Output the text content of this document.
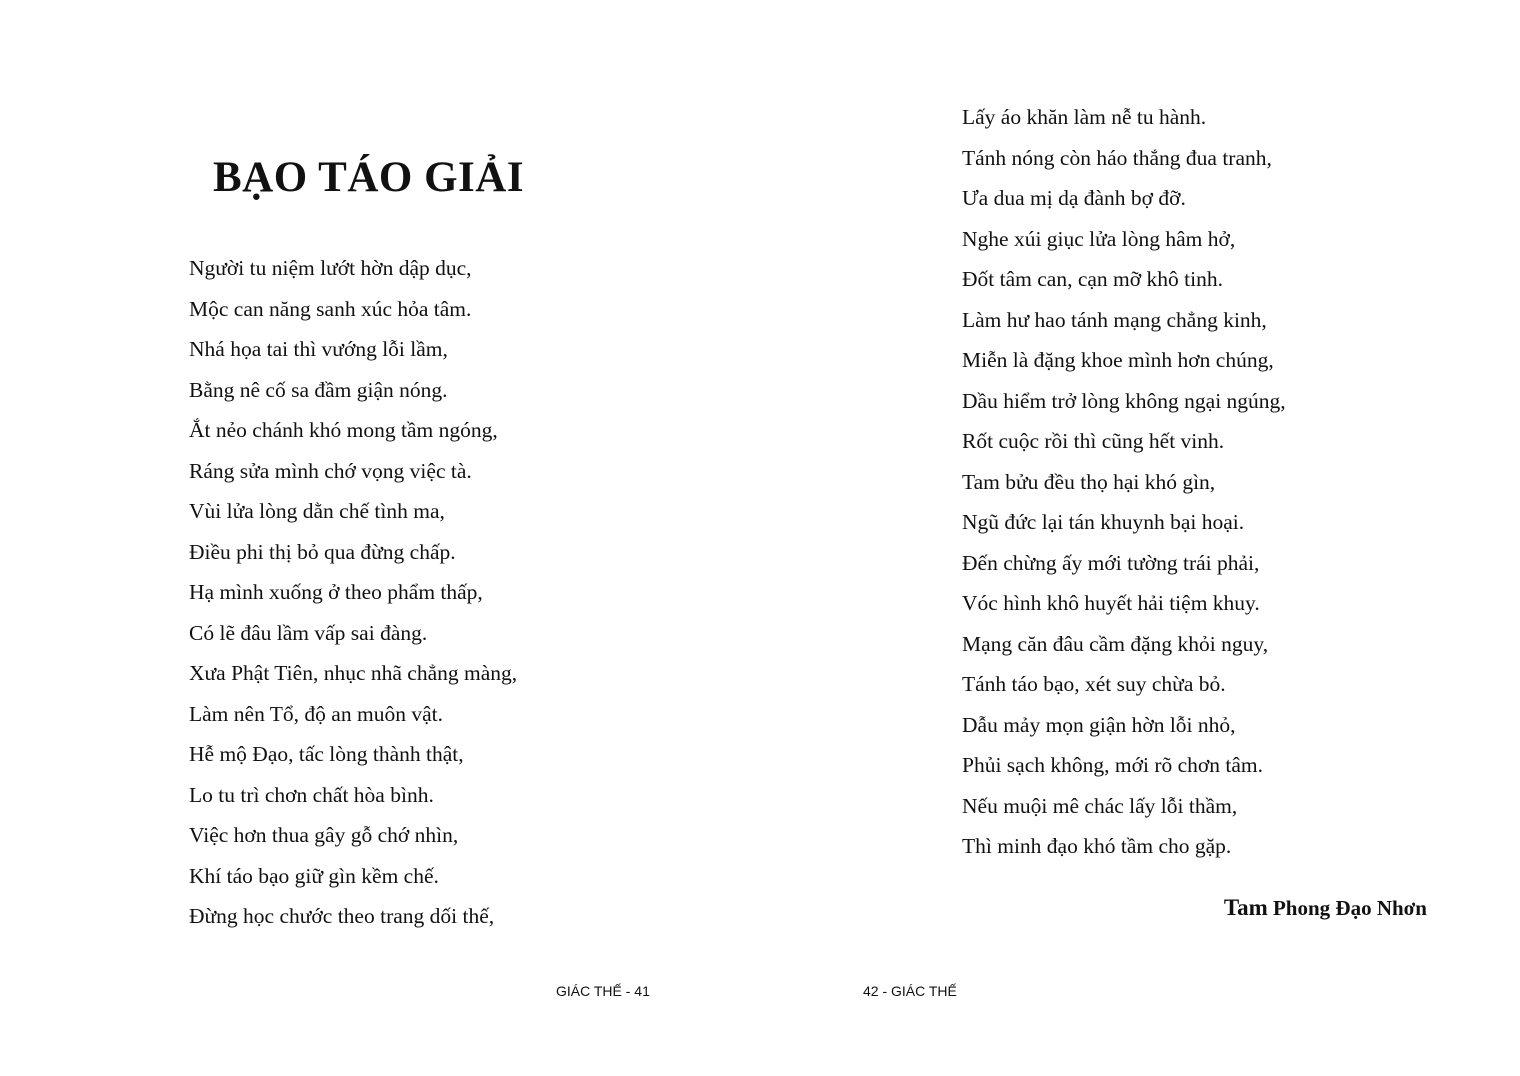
BẠO TÁO GIẢI
Người tu niệm lướt hờn dập dục,
Mộc can năng sanh xúc hỏa tâm.
Nhá họa tai thì vướng lỗi lầm,
Bằng nê cố sa đầm giận nóng.
Ắt nẻo chánh khó mong tầm ngóng,
Ráng sửa mình chớ vọng việc tà.
Vùi lửa lòng dằn chế tình ma,
Điều phi thị bỏ qua đừng chấp.
Hạ mình xuống ở theo phẩm thấp,
Có lẽ đâu lầm vấp sai đàng.
Xưa Phật Tiên, nhục nhã chẳng màng,
Làm nên Tổ, độ an muôn vật.
Hễ mộ Đạo, tấc lòng thành thật,
Lo tu trì chơn chất hòa bình.
Việc hơn thua gây gỗ chớ nhìn,
Khí táo bạo giữ gìn kềm chế.
Đừng học chước theo trang dối thế,

GIÁC THẾ - 41

Lấy áo khăn làm nễ tu hành.
Tánh nóng còn háo thắng đua tranh,
Ưa dua mị dạ đành bợ đỡ.
Nghe xúi giục lửa lòng hâm hở,
Đốt tâm can, cạn mỡ khô tinh.
Làm hư hao tánh mạng chẳng kinh,
Miễn là đặng khoe mình hơn chúng,
Dầu hiểm trở lòng không ngại ngúng,
Rốt cuộc rồi thì cũng hết vinh.
Tam bửu đều thọ hại khó gìn,
Ngũ đức lại tán khuynh bại hoại.
Đến chừng ấy mới tường trái phải,
Vóc hình khô huyết hải tiệm khuy.
Mạng căn đâu cầm đặng khỏi nguy,
Tánh táo bạo, xét suy chừa bỏ.
Dẫu mảy mọn giận hờn lỗi nhỏ,
Phủi sạch không, mới rõ chơn tâm.
Nếu muội mê chác lấy lỗi thầm,
Thì minh đạo khó tầm cho gặp.

Tam Phong Đạo Nhơn

42 - GIÁC THẾ
